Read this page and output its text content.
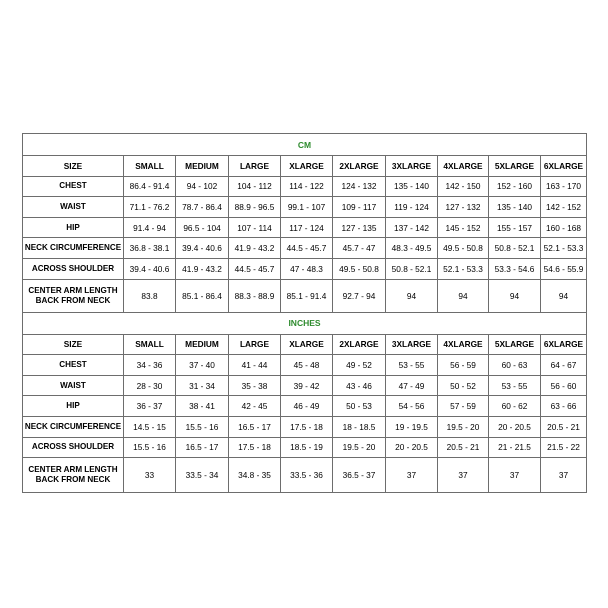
CM									
SIZE	SMALL	MEDIUM	LARGE	XLARGE	2XLARGE	3XLARGE	4XLARGE	5XLARGE	6XLARGE
CHEST	86.4 - 91.4	94 - 102	104 - 112	114 - 122	124 - 132	135 - 140	142 - 150	152 - 160	163 - 170
WAIST	71.1 - 76.2	78.7 - 86.4	88.9 - 96.5	99.1 - 107	109 - 117	119 - 124	127 - 132	135 - 140	142 - 152
HIP	91.4 - 94	96.5 - 104	107 - 114	117 - 124	127 - 135	137 - 142	145 - 152	155 - 157	160 - 168
NECK CIRCUMFERENCE	36.8 - 38.1	39.4 - 40.6	41.9 - 43.2	44.5 - 45.7	45.7 - 47	48.3 - 49.5	49.5 - 50.8	50.8 - 52.1	52.1 - 53.3
ACROSS SHOULDER	39.4 - 40.6	41.9 - 43.2	44.5 - 45.7	47 - 48.3	49.5 - 50.8	50.8 - 52.1	52.1 - 53.3	53.3 - 54.6	54.6 - 55.9

CENTER ARM LENGTH
BACK FROM NECK	83.8	85.1 - 86.4	88.3 - 88.9	85.1 - 91.4	92.7 - 94	94	94	94	94
INCHES									
SIZE	SMALL	MEDIUM	LARGE	XLARGE	2XLARGE	3XLARGE	4XLARGE	5XLARGE	6XLARGE
CHEST	34 - 36	37 - 40	41 - 44	45 - 48	49 - 52	53 - 55	56 - 59	60 - 63	64 - 67
WAIST	28 - 30	31 - 34	35 - 38	39 - 42	43 - 46	47 - 49	50 - 52	53 - 55	56 - 60
HIP	36 - 37	38 - 41	42 - 45	46 - 49	50 - 53	54 - 56	57 - 59	60 - 62	63 - 66
NECK CIRCUMFERENCE	14.5 - 15	15.5 - 16	16.5 - 17	17.5 - 18	18 - 18.5	19 - 19.5	19.5 - 20	20 - 20.5	20.5 - 21
ACROSS SHOULDER	15.5 - 16	16.5 - 17	17.5 - 18	18.5 - 19	19.5 - 20	20 - 20.5	20.5 - 21	21 - 21.5	21.5 - 22

CENTER ARM LENGTH
BACK FROM NECK	33	33.5 - 34	34.8 - 35	33.5 - 36	36.5 - 37	37	37	37	37
